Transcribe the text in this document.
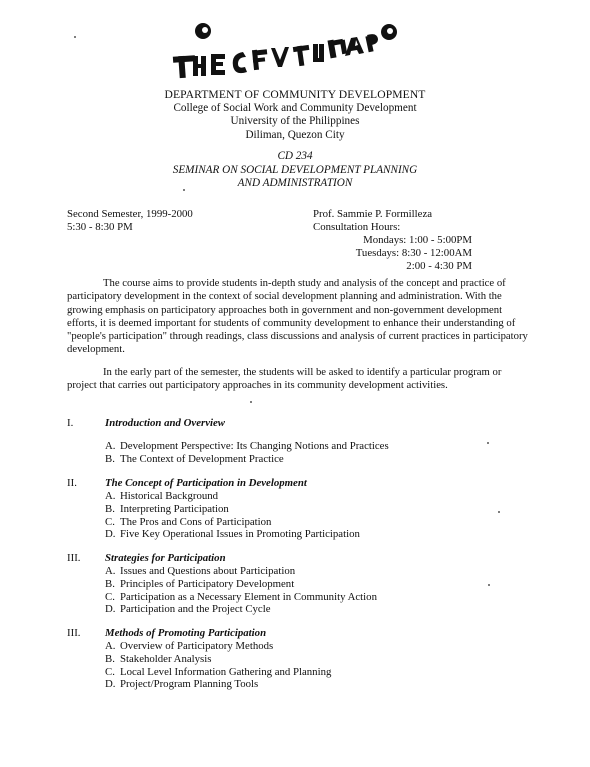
DEPARTMENT OF COMMUNITY DEVELOPMENT
College of Social Work and Community Development
University of the Philippines
Diliman, Quezon City
CD 234
SEMINAR ON SOCIAL DEVELOPMENT PLANNING
AND ADMINISTRATION
Second Semester, 1999-2000
5:30 - 8:30 PM
Prof. Sammie P. Formilleza
Consultation Hours:
Mondays: 1:00 - 5:00PM
Tuesdays: 8:30 - 12:00AM
2:00 - 4:30 PM
The course aims to provide students in-depth study and analysis of the concept and practice of participatory development in the context of social development planning and administration. With the growing emphasis on participatory approaches both in government and non-government development efforts, it is deemed important for students of community development to enhance their understanding of "people's participation" through readings, class discussions and analysis of current practices in participatory development.
In the early part of the semester, the students will be asked to identify a particular program or project that carries out participatory approaches in its community development activities.
I.	Introduction and Overview
A. Development Perspective: Its Changing Notions and Practices
B. The Context of Development Practice
II.	The Concept of Participation in Development
A. Historical Background
B. Interpreting Participation
C. The Pros and Cons of Participation
D. Five Key Operational Issues in Promoting Participation
III. Strategies for Participation
A. Issues and Questions about Participation
B. Principles of Participatory Development
C. Participation as a Necessary Element in Community Action
D. Participation and the Project Cycle
III. Methods of Promoting Participation
A. Overview of Participatory Methods
B. Stakeholder Analysis
C. Local Level Information Gathering and Planning
D. Project/Program Planning Tools
